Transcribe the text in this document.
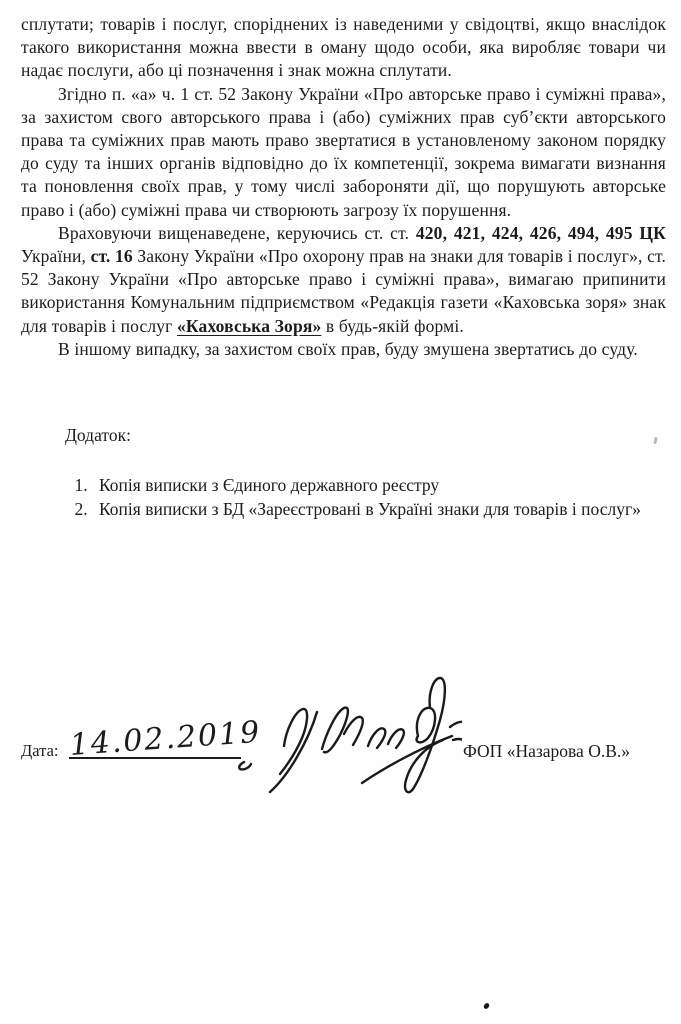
сплутати; товарів і послуг, споріднених із наведеними у свідоцтві, якщо внаслідок такого використання можна ввести в оману щодо особи, яка виробляє товари чи надає послуги, або ці позначення і знак можна сплутати.

Згідно п. «а» ч. 1 ст. 52 Закону України «Про авторське право і суміжні права», за захистом свого авторського права і (або) суміжних прав суб’єкти авторського права та суміжних прав мають право звертатися в установленому законом порядку до суду та інших органів відповідно до їх компетенції, зокрема вимагати визнання та поновлення своїх прав, у тому числі забороняти дії, що порушують авторське право і (або) суміжні права чи створюють загрозу їх порушення.

Враховуючи вищенаведене, керуючись ст. ст. 420, 421, 424, 426, 494, 495 ЦК України, ст. 16 Закону України «Про охорону прав на знаки для товарів і послуг», ст. 52 Закону України «Про авторське право і суміжні права», вимагаю припинити використання Комунальним підприємством «Редакція газети «Каховська зоря» знак для товарів і послуг «Каховська Зоря» в будь-якій формі.

В іншому випадку, за захистом своїх прав, буду змушена звертатись до суду.

Додаток:

1. Копія виписки з Єдиного державного реєстру
2. Копія виписки з БД «Зареєстровані в Україні знаки для товарів і послуг»
Дата: 14.02.2019	ФОП «Назарова О.В.»
